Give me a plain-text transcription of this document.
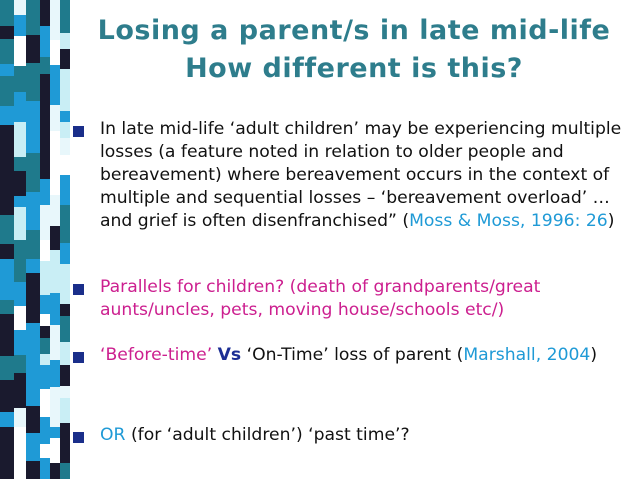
Losing a parent/s in late mid-life
How different is this?
In late mid-life ‘adult children’ may be experiencing multiple losses (a feature noted in relation to older people and bereavement) where bereavement occurs in the context of multiple and sequential losses – ‘bereavement overload’ … and grief is often disenfranchised” (Moss & Moss, 1996: 26)
Parallels for children? (death of grandparents/great aunts/uncles, pets, moving house/schools etc/)
‘Before-time’ Vs ‘On-Time’ loss of parent (Marshall, 2004)
OR (for ‘adult children’) ‘past time’?
